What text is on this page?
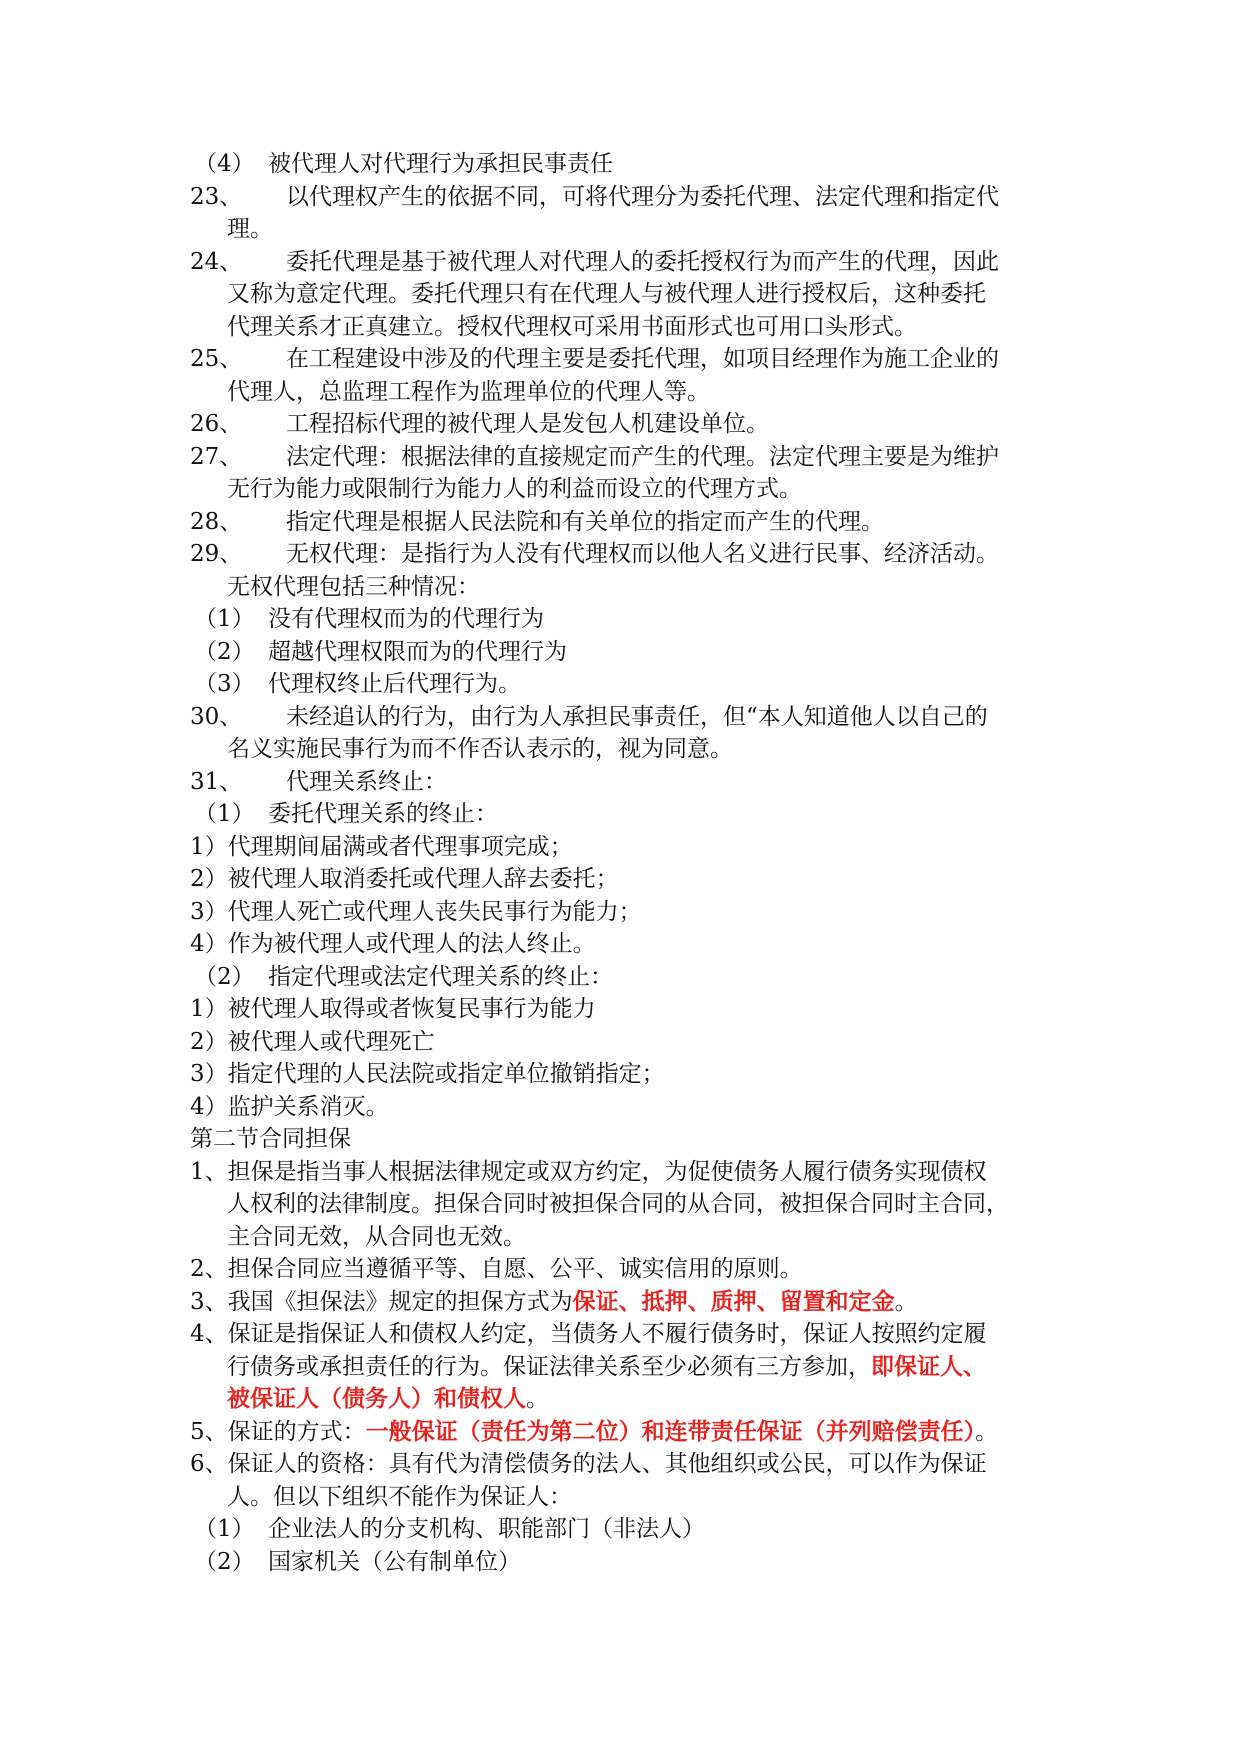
（4） 被代理人对代理行为承担民事责任
23、 以代理权产生的依据不同，可将代理分为委托代理、法定代理和指定代
理。
24、 委托代理是基于被代理人对代理人的委托授权行为而产生的代理，因此
又称为意定代理。委托代理只有在代理人与被代理人进行授权后，这种委托
代理关系才正真建立。授权代理权可采用书面形式也可用口头形式。
25、 在工程建设中涉及的代理主要是委托代理，如项目经理作为施工企业的
代理人，总监理工程作为监理单位的代理人等。
26、 工程招标代理的被代理人是发包人机建设单位。
27、 法定代理：根据法律的直接规定而产生的代理。法定代理主要是为维护
无行为能力或限制行为能力人的利益而设立的代理方式。
28、 指定代理是根据人民法院和有关单位的指定而产生的代理。
29、 无权代理：是指行为人没有代理权而以他人名义进行民事、经济活动。
无权代理包括三种情况：
（1） 没有代理权而为的代理行为
（2） 超越代理权限而为的代理行为
（3） 代理权终止后代理行为。
30、 未经追认的行为，由行为人承担民事责任，但“本人知道他人以自己的
名义实施民事行为而不作否认表示的，视为同意。
31、 代理关系终止：
（1） 委托代理关系的终止：
1）代理期间届满或者代理事项完成；
2）被代理人取消委托或代理人辞去委托；
3）代理人死亡或代理人丧失民事行为能力；
4）作为被代理人或代理人的法人终止。
（2） 指定代理或法定代理关系的终止：
1）被代理人取得或者恢复民事行为能力
2）被代理人或代理死亡
3）指定代理的人民法院或指定单位撤销指定；
4）监护关系消灭。
第二节合同担保
1、担保是指当事人根据法律规定或双方约定，为促使债务人履行债务实现债权
人权利的法律制度。担保合同时被担保合同的从合同，被担保合同时主合同，
主合同无效，从合同也无效。
2、担保合同应当遵循平等、自愿、公平、诚实信用的原则。
3、我国《担保法》规定的担保方式为保证、抵押、质押、留置和定金。
4、保证是指保证人和债权人约定，当债务人不履行债务时，保证人按照约定履
行债务或承担责任的行为。保证法律关系至少必须有三方参加，即保证人、
被保证人（债务人）和债权人。
5、保证的方式：一般保证（责任为第二位）和连带责任保证（并列赔偿责任）。
6、保证人的资格：具有代为清偿债务的法人、其他组织或公民，可以作为保证
人。但以下组织不能作为保证人：
（1） 企业法人的分支机构、职能部门（非法人）
（2） 国家机关（公有制单位）
